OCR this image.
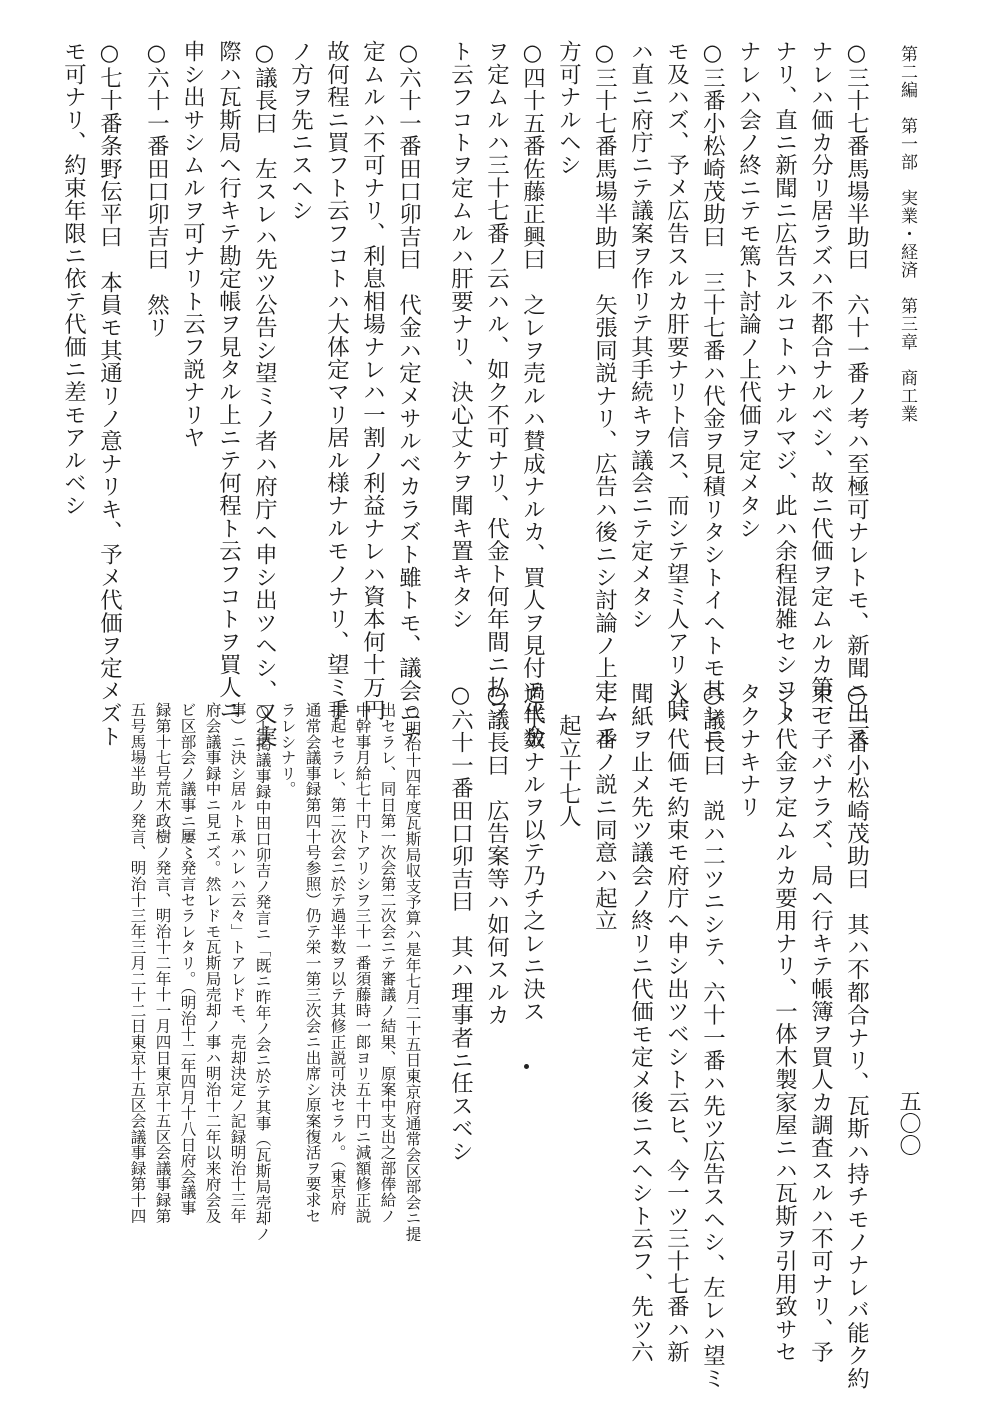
第二編　第一部　実業・経済　第三章　商工業
五〇〇
○三十七番馬場半助曰　六十一番ノ考ハ至極可ナレトモ、新聞ニ出ス
ナレハ価カ分リ居ラズハ不都合ナルベシ、故ニ代価ヲ定ムルカ第一
ナリ、直ニ新聞ニ広告スルコトハナルマジ、此ハ余程混雑セシコト
ナレハ会ノ終ニテモ篤ト討論ノ上代価ヲ定メタシ
○三番小松崎茂助曰　三十七番ハ代金ヲ見積リタシトイヘトモ其レニ
モ及ハズ、予メ広告スルカ肝要ナリト信ス、而シテ望ミ人アリシ時
ハ直ニ府庁ニテ議案ヲ作リテ其手続キヲ議会ニテ定メタシ
○三十七番馬場半助曰　矢張同説ナリ、広告ハ後ニシ討論ノ上定ムル
方可ナルヘシ
○四十五番佐藤正興曰　之レヲ売ルハ賛成ナルカ、買人ヲ見付テ代金
ヲ定ムルハ三十七番ノ云ハル、如ク不可ナリ、代金ト何年間ニ払フ
ト云フコトヲ定ムルハ肝要ナリ、決心丈ケヲ聞キ置キタシ
○六十一番田口卯吉曰　代金ハ定メサルベカラズト雖トモ、議会ニテ
定ムルハ不可ナリ、利息相場ナレハ一割ノ利益ナレハ資本何十万円
故何程ニ買フト云フコトハ大体定マリ居ル様ナルモノナリ、望ミ手
ノ方ヲ先ニスヘシ
○議長曰　左スレハ先ツ公告シ望ミノ者ハ府庁ヘ申シ出ツヘシ、又実
際ハ瓦斯局ヘ行キテ勘定帳ヲ見タル上ニテ何程ト云フコトヲ買人ニ
申シ出サシムルヲ可ナリト云フ説ナリヤ
○六十一番田口卯吉曰　然リ
○七十番条野伝平曰　本員モ其通リノ意ナリキ、予メ代価ヲ定メズト
モ可ナリ、約束年限ニ依テ代価ニ差モアルベシ
○三番小松崎茂助曰　其ハ不都合ナリ、瓦斯ハ持チモノナレバ能ク約
束セ子バナラズ、局ヘ行キテ帳簿ヲ買人カ調査スルハ不可ナリ、予
シメ代金ヲ定ムルカ要用ナリ、一体木製家屋ニハ瓦斯ヲ引用致サセ
タクナキナリ
○議長曰　説ハ二ツニシテ、六十一番ハ先ツ広告スヘシ、左レハ望ミ
人ハ代価モ約束モ府庁ヘ申シ出ツベシト云ヒ、今一ツ三十七番ハ新
聞紙ヲ止メ先ツ議会ノ終リニ代価モ定メ後ニスヘシト云フ、先ツ六
十一番ノ説ニ同意ハ起立
起立十七人
過半数ナルヲ以テ乃チ之レニ決ス
○議長曰　広告案等ハ如何スルカ
○六十一番田口卯吉曰　其ハ理事者ニ任スベシ
○明治十四年度瓦斯局収支予算ハ是年七月二十五日東京府通常会区部会ニ提
出セラレ、同日第一次会第二次会ニテ審議ノ結果、原案中支出之部俸給ノ
中幹事月給七十円トアリシヲ三十一番須藤時一郎ヨリ五十円ニ減額修正説
提起セラレ、第二次会ニ於テ過半数ヲ以テ其修正説可決セラル。（東京府
通常会議事録第四十号参照）仍テ栄一第三次会ニ出席シ原案復活ヲ要求セ
ラレシナリ。
○上掲議事録中田口卯吉ノ発言ニ「既ニ昨年ノ会ニ於テ其事（瓦斯局売却ノ
事）ニ決シ居ルト承ハレハ云々」トアレドモ、売却決定ノ記録明治十三年
府会議事録中ニ見エズ。然レドモ瓦斯局売却ノ事ハ明治十二年以来府会及
ビ区部会ノ議事ニ屢〻発言セラレタリ。（明治十二年四月十八日府会議事
録第十七号荒木政樹ノ発言、明治十二年十一月四日東京十五区会議事録第
五号馬場半助ノ発言、明治十三年三月二十二日東京十五区会議事録第十四
